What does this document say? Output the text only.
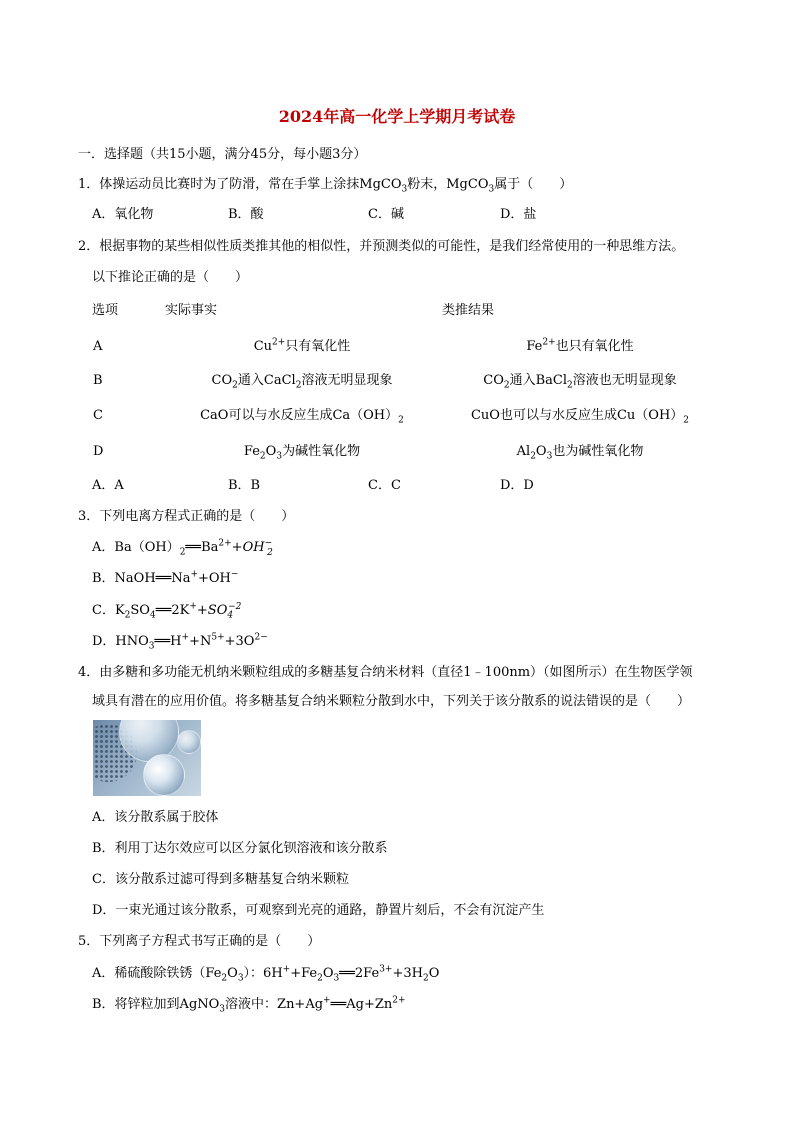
2024年高一化学上学期月考试卷
一．选择题（共15小题，满分45分，每小题3分）
1．体操运动员比赛时为了防滑，常在手掌上涂抹MgCO$_3$粉末，MgCO$_3$属于（　　）
A．氧化物	B．酸	C．碱	D．盐
2．根据事物的某些相似性质类推其他的相似性，并预测类似的可能性，是我们经常使用的一种思维方法。
以下推论正确的是（　　）
选项	实际事实	类推结果
A	$Cu^{2+}$只有氧化性	$Fe^{2+}$也只有氧化性
B	$CO_2$通入CaCl$_2$溶液无明显现象	$CO_2$通入BaCl$_2$溶液也无明显现象
C	CaO可以与水反应生成$Ca(OH)_2$	CuO也可以与水反应生成$Cu(OH)_2$
D	$Fe_2O_3$为碱性氧化物	$Al_2O_3$也为碱性氧化物
A．A	B．B	C．C	D．D
3．下列电离方程式正确的是（　　）
A．$Ba(OH)_2══Ba^{2+}+OH^-_2$
B．NaOH══Na++OH−
C．$K_2SO_4══2K^++SO_4^{-2}$
D．$HNO_3══H^++N^{5+}+3O^{2-}$
4．由多糖和多功能无机纳米颗粒组成的多糖基复合纳米材料（直径1﹣100nm）（如图所示）在生物医学领
域具有潜在的应用价值。将多糖基复合纳米颗粒分散到水中，下列关于该分散系的说法错误的是（　　）
A．该分散系属于胶体
B．利用丁达尔效应可以区分氯化钡溶液和该分散系
C．该分散系过滤可得到多糖基复合纳米颗粒
D．一束光通过该分散系，可观察到光亮的通路，静置片刻后，不会有沉淀产生
5．下列离子方程式书写正确的是（　　）
A．稀硫酸除铁锈$(Fe_2O_3)$：$6H^++Fe_2O_3══2Fe^{3+}+3H_2O$
B．将锌粒加到AgNO$_3$溶液中：$Zn+Ag^+══Ag+Zn^{2+}$
